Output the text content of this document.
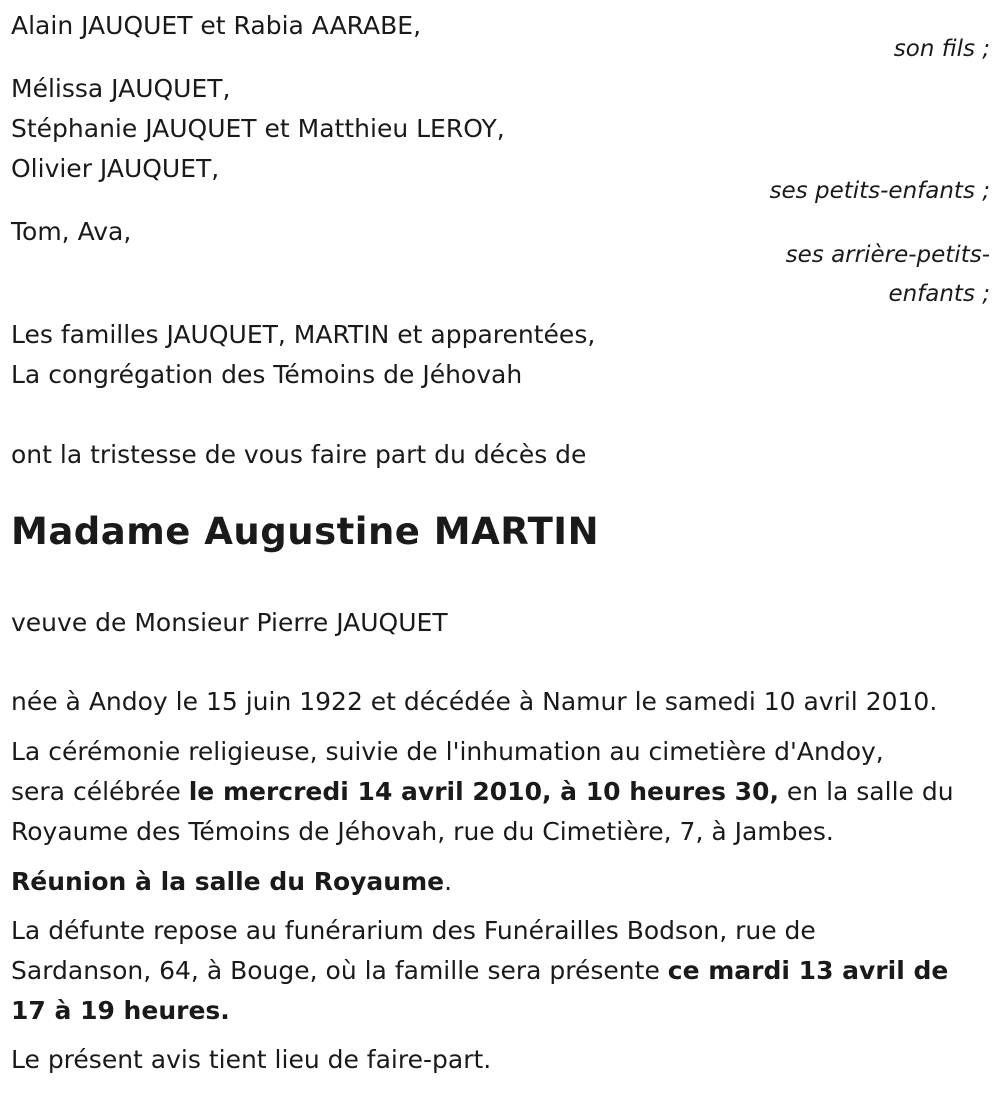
Alain JAUQUET et Rabia AARABE,
son fils ;
Mélissa JAUQUET,
Stéphanie JAUQUET et Matthieu LEROY,
Olivier JAUQUET,
ses petits-enfants ;
Tom, Ava,
ses arrière-petits-
enfants ;
Les familles JAUQUET, MARTIN et apparentées,
La congrégation des Témoins de Jéhovah
ont la tristesse de vous faire part du décès de
Madame Augustine MARTIN
veuve de Monsieur Pierre JAUQUET
née à Andoy le 15 juin 1922 et décédée à Namur le samedi 10 avril 2010.
La cérémonie religieuse, suivie de l'inhumation au cimetière d'Andoy,
sera célébrée le mercredi 14 avril 2010, à 10 heures 30, en la salle du
Royaume des Témoins de Jéhovah, rue du Cimetière, 7, à Jambes.
Réunion à la salle du Royaume.
La défunte repose au funérarium des Funérailles Bodson, rue de
Sardanson, 64, à Bouge, où la famille sera présente ce mardi 13 avril de
17 à 19 heures.
Le présent avis tient lieu de faire-part.
